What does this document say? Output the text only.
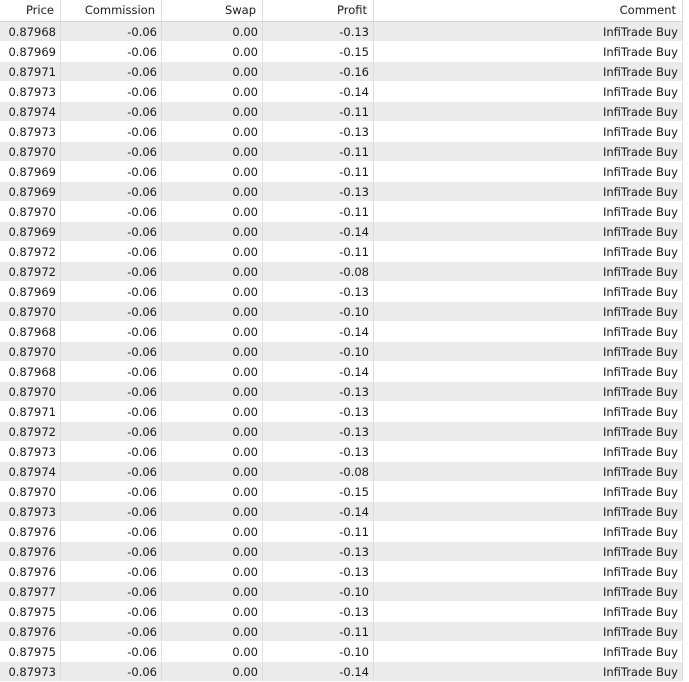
Price	Commission	Swap	Profit	Comment
0.87968	-0.06	0.00	-0.13	InfiTrade Buy
0.87969	-0.06	0.00	-0.15	InfiTrade Buy
0.87971	-0.06	0.00	-0.16	InfiTrade Buy
0.87973	-0.06	0.00	-0.14	InfiTrade Buy
0.87974	-0.06	0.00	-0.11	InfiTrade Buy
0.87973	-0.06	0.00	-0.13	InfiTrade Buy
0.87970	-0.06	0.00	-0.11	InfiTrade Buy
0.87969	-0.06	0.00	-0.11	InfiTrade Buy
0.87969	-0.06	0.00	-0.13	InfiTrade Buy
0.87970	-0.06	0.00	-0.11	InfiTrade Buy
0.87969	-0.06	0.00	-0.14	InfiTrade Buy
0.87972	-0.06	0.00	-0.11	InfiTrade Buy
0.87972	-0.06	0.00	-0.08	InfiTrade Buy
0.87969	-0.06	0.00	-0.13	InfiTrade Buy
0.87970	-0.06	0.00	-0.10	InfiTrade Buy
0.87968	-0.06	0.00	-0.14	InfiTrade Buy
0.87970	-0.06	0.00	-0.10	InfiTrade Buy
0.87968	-0.06	0.00	-0.14	InfiTrade Buy
0.87970	-0.06	0.00	-0.13	InfiTrade Buy
0.87971	-0.06	0.00	-0.13	InfiTrade Buy
0.87972	-0.06	0.00	-0.13	InfiTrade Buy
0.87973	-0.06	0.00	-0.13	InfiTrade Buy
0.87974	-0.06	0.00	-0.08	InfiTrade Buy
0.87970	-0.06	0.00	-0.15	InfiTrade Buy
0.87973	-0.06	0.00	-0.14	InfiTrade Buy
0.87976	-0.06	0.00	-0.11	InfiTrade Buy
0.87976	-0.06	0.00	-0.13	InfiTrade Buy
0.87976	-0.06	0.00	-0.13	InfiTrade Buy
0.87977	-0.06	0.00	-0.10	InfiTrade Buy
0.87975	-0.06	0.00	-0.13	InfiTrade Buy
0.87976	-0.06	0.00	-0.11	InfiTrade Buy
0.87975	-0.06	0.00	-0.10	InfiTrade Buy
0.87973	-0.06	0.00	-0.14	InfiTrade Buy
